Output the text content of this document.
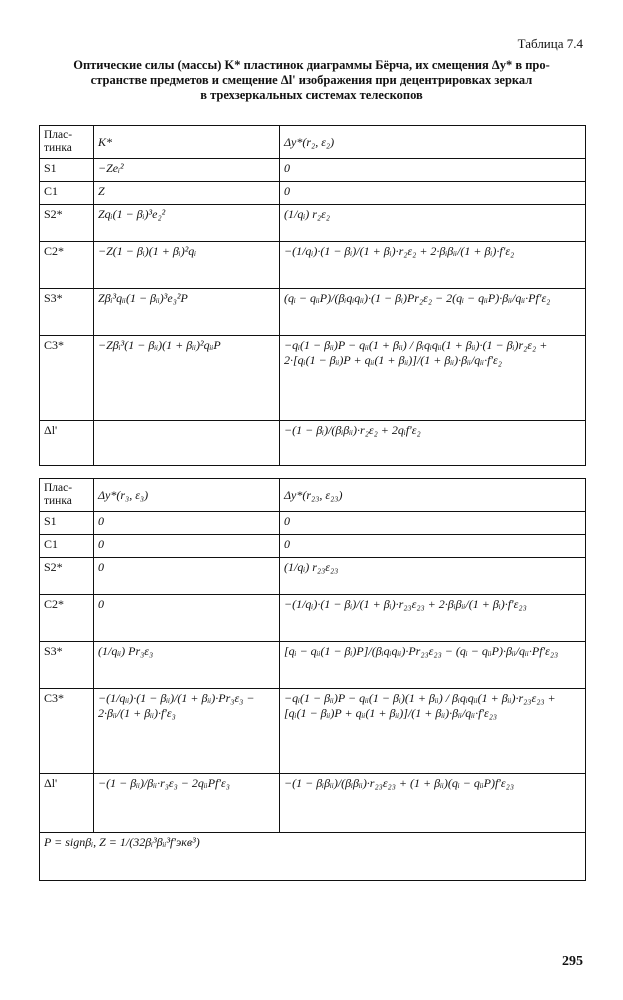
Таблица 7.4
Оптические силы (массы) K* пластинок диаграммы Бёрча, их смещения Δy* в про-
странстве предметов и смещение Δl' изображения при децентрировках зеркал
в трехзеркальных системах телескопов
Плас-
тинка	K*	Δy*(r₂, ε₂)
S1	−Zeᵢ²	0
C1	Z	0
S2*	Zqᵢ(1 − βᵢ)³e₂²	(1/qᵢ) r₂ε₂
C2*	−Z(1 − βᵢ)(1 + βᵢ)²qᵢ	−(1/qᵢ)·(1 − βᵢ)/(1 + βᵢ)·r₂ε₂ + 2·βᵢβᵢᵢ/(1 + βᵢ)·f′ε₂
S3*	Zβᵢ³qᵢᵢ(1 − βᵢᵢ)³e₃²P	(qᵢ − qᵢᵢP)/(βᵢqᵢqᵢᵢ)·(1 − βᵢ)Pr₂ε₂ − 2(qᵢ − qᵢᵢP)·βᵢᵢ/qᵢᵢ·Pf′ε₂
C3*	−Zβᵢ³(1 − βᵢᵢ)(1 + βᵢᵢ)²qᵢᵢP	−qᵢ(1 − βᵢᵢ)P − qᵢᵢ(1 + βᵢᵢ) / βᵢqᵢqᵢᵢ(1 + βᵢᵢ)·(1 − βᵢ)r₂ε₂ + 2·[qᵢ(1 − βᵢᵢ)P + qᵢᵢ(1 + βᵢᵢ)]/(1 + βᵢᵢ)·βᵢᵢ/qᵢᵢ·f′ε₂
Δl'		−(1 − βᵢ)/(βᵢβᵢᵢ)·r₂ε₂ + 2qᵢf′ε₂
Плас-
тинка	Δy*(r₃, ε₃)	Δy*(r₂₃, ε₂₃)
S1	0	0
C1	0	0
S2*	0	(1/qᵢ) r₂₃ε₂₃
C2*	0	−(1/qᵢ)·(1 − βᵢ)/(1 + βᵢ)·r₂₃ε₂₃ + 2·βᵢβᵢᵢ/(1 + βᵢ)·f′ε₂₃
S3*	(1/qᵢᵢ) Pr₃ε₃	[qᵢ − qᵢᵢ(1 − βᵢ)P]/(βᵢqᵢqᵢᵢ)·Pr₂₃ε₂₃ − (qᵢ − qᵢᵢP)·βᵢᵢ/qᵢᵢ·Pf′ε₂₃
C3*	−(1/qᵢᵢ)·(1 − βᵢᵢ)/(1 + βᵢᵢ)·Pr₃ε₃ − 2·βᵢᵢ/(1 + βᵢᵢ)·f′ε₃	−qᵢ(1 − βᵢᵢ)P − qᵢᵢ(1 − βᵢ)(1 + βᵢᵢ) / βᵢqᵢqᵢᵢ(1 + βᵢᵢ)·r₂₃ε₂₃ + [qᵢ(1 − βᵢᵢ)P + qᵢᵢ(1 + βᵢᵢ)]/(1 + βᵢᵢ)·βᵢᵢ/qᵢᵢ·f′ε₂₃
Δl'	−(1 − βᵢᵢ)/βᵢᵢ·r₃ε₃ − 2qᵢᵢPf′ε₃	−(1 − βᵢβᵢᵢ)/(βᵢβᵢᵢ)·r₂₃ε₂₃ + (1 + βᵢᵢ)(qᵢ − qᵢᵢP)f′ε₂₃
P = signβᵢ, Z = 1/(32βᵢ³βᵢᵢ³f′экв³)		
295
